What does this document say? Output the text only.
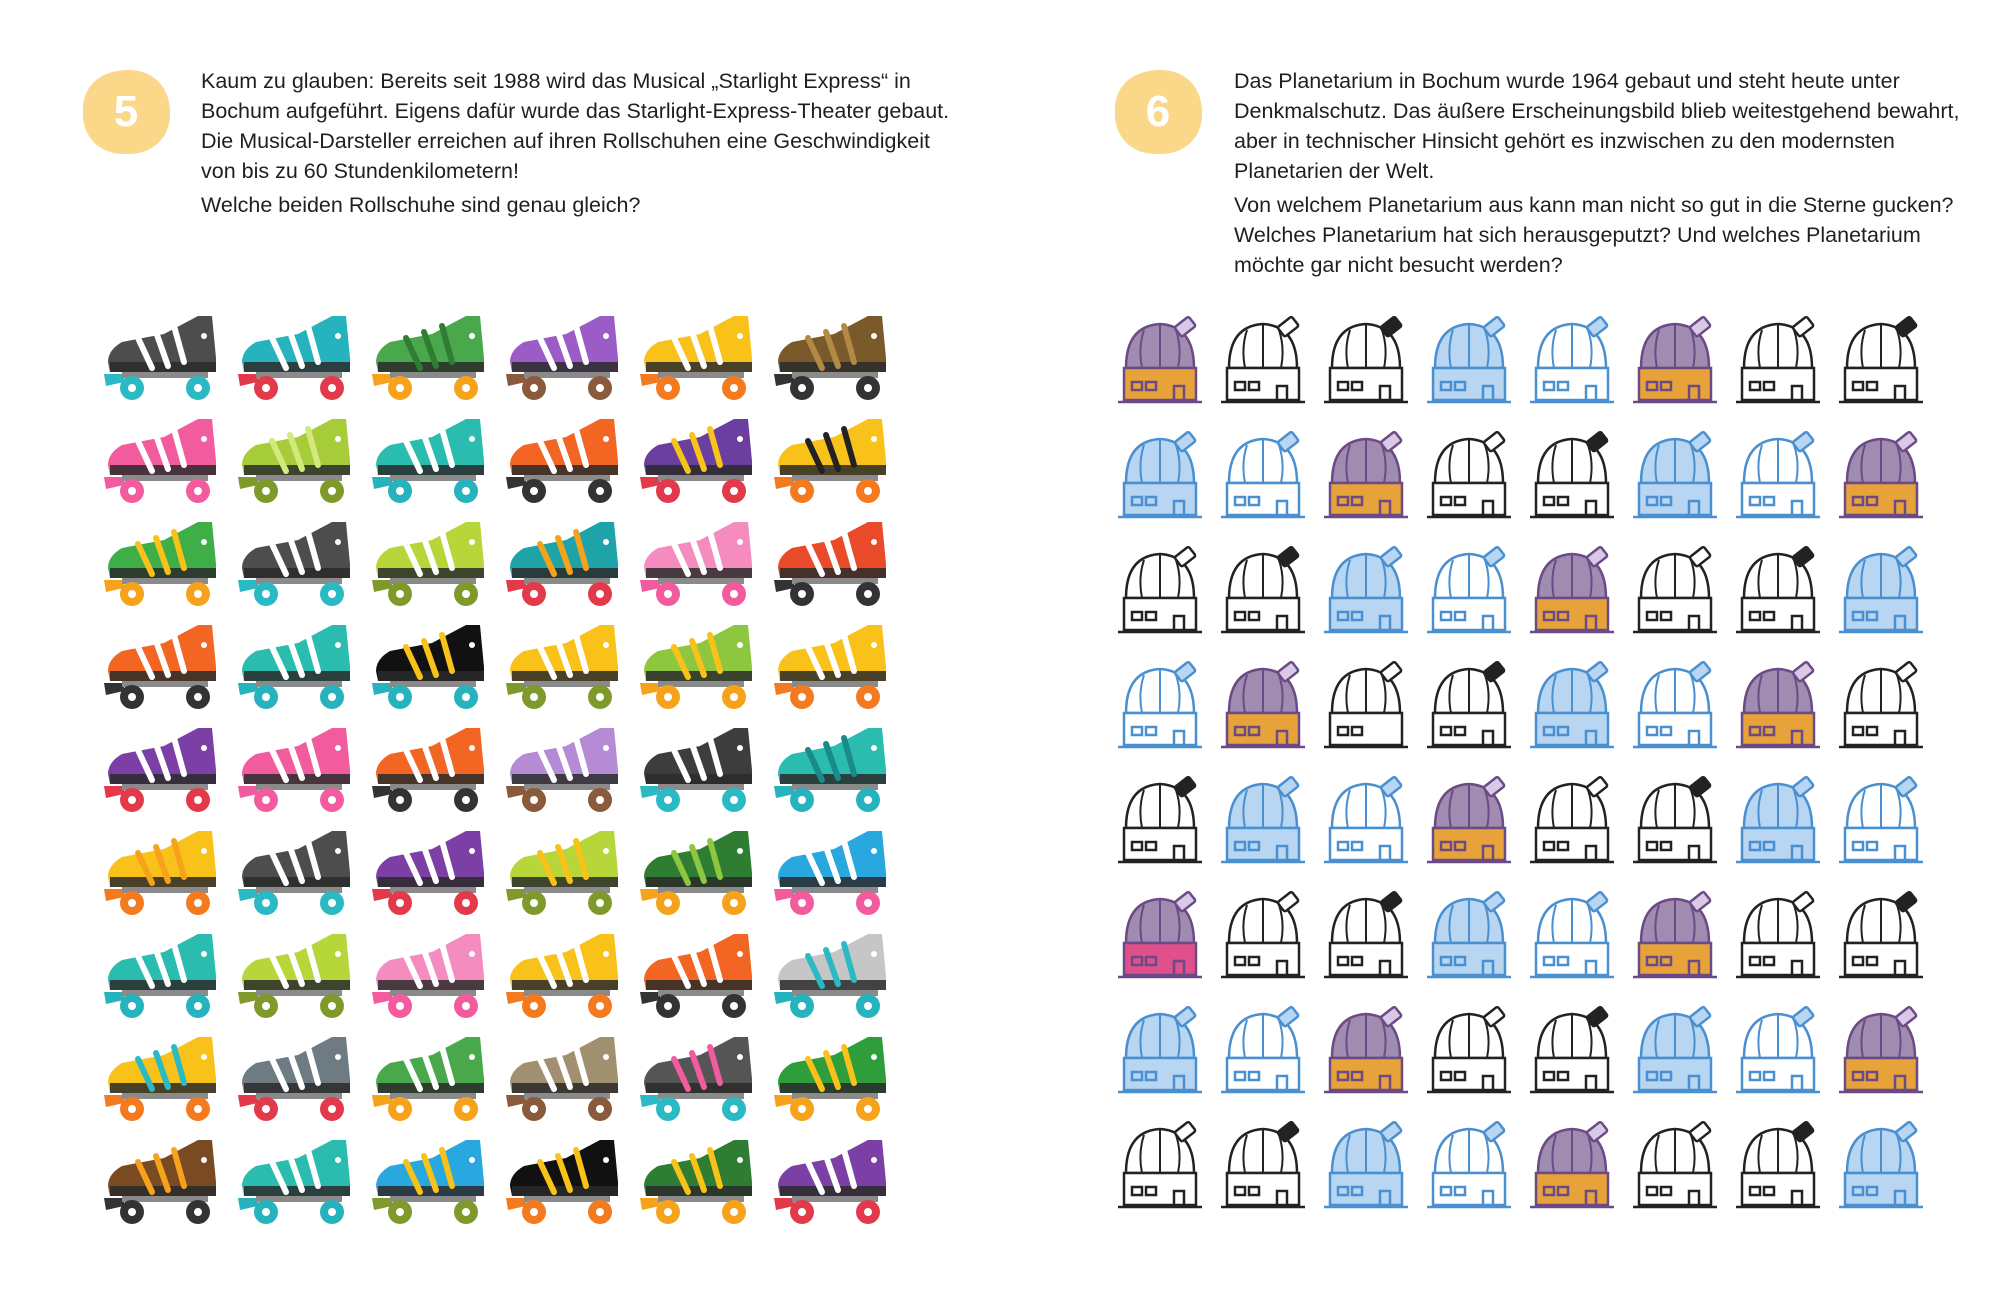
5

Kaum zu glauben: Bereits seit 1988 wird das Musical „Starlight Express“ in Bochum aufgeführt. Eigens dafür wurde das Starlight-Express-Theater gebaut. Die Musical-Darsteller erreichen auf ihren Rollschuhen eine Geschwindigkeit von bis zu 60 Stundenkilometern!

Welche beiden Rollschuhe sind genau gleich?

6

Das Planetarium in Bochum wurde 1964 gebaut und steht heute unter Denkmalschutz. Das äußere Erscheinungsbild blieb weitestgehend bewahrt, aber in technischer Hinsicht gehört es inzwischen zu den modernsten Planetarien der Welt.

Von welchem Planetarium aus kann man nicht so gut in die Sterne gucken? Welches Planetarium hat sich herausgeputzt? Und welches Planetarium möchte gar nicht besucht werden?
